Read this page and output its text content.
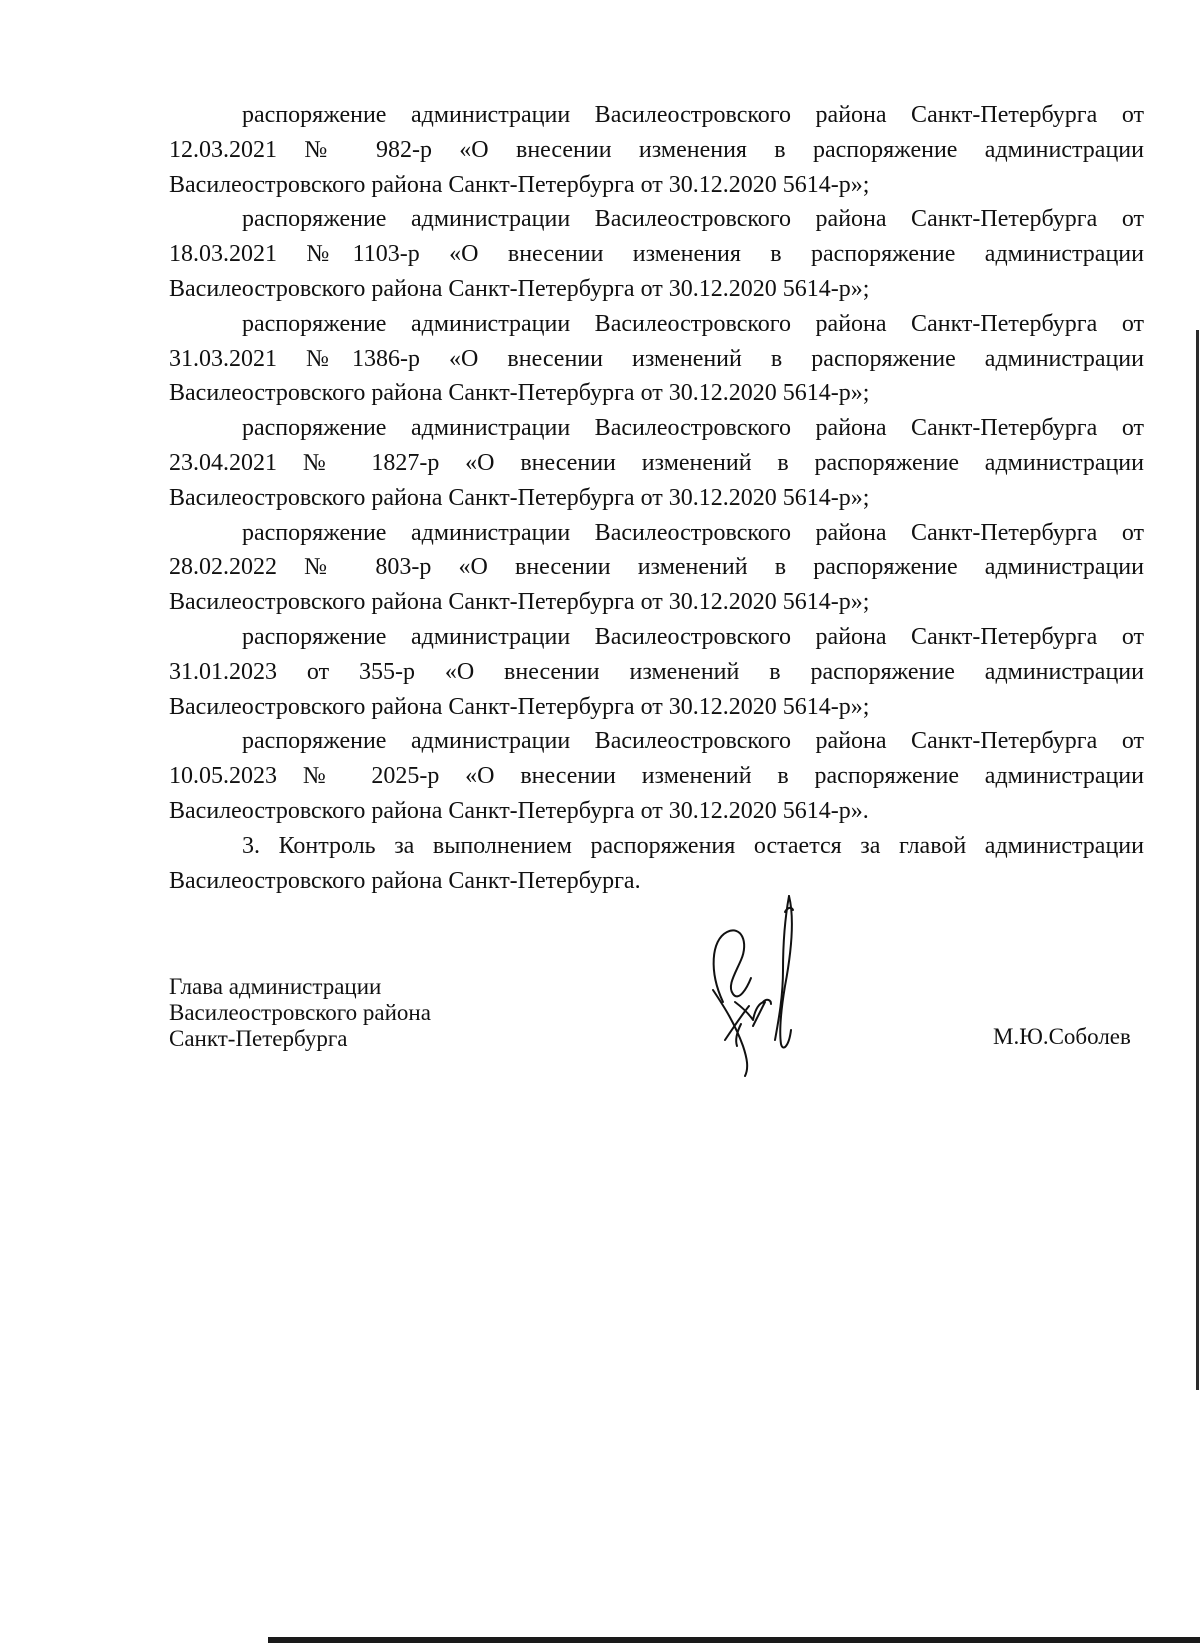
распоряжение администрации Василеостровского района Санкт-Петербурга от 12.03.2021 № 982-р «О внесении изменения в распоряжение администрации Василеостровского района Санкт-Петербурга от 30.12.2020 5614-р»;

распоряжение администрации Василеостровского района Санкт-Петербурга от 18.03.2021 №1103-р «О внесении изменения в распоряжение администрации Василеостровского района Санкт-Петербурга от 30.12.2020 5614-р»;

распоряжение администрации Василеостровского района Санкт-Петербурга от 31.03.2021 №1386-р «О внесении изменений в распоряжение администрации Василеостровского района Санкт-Петербурга от 30.12.2020 5614-р»;

распоряжение администрации Василеостровского района Санкт-Петербурга от 23.04.2021 № 1827-р «О внесении изменений в распоряжение администрации Василеостровского района Санкт-Петербурга от 30.12.2020 5614-р»;

распоряжение администрации Василеостровского района Санкт-Петербурга от 28.02.2022 № 803-р «О внесении изменений в распоряжение администрации Василеостровского района Санкт-Петербурга от 30.12.2020 5614-р»;

распоряжение администрации Василеостровского района Санкт-Петербурга от 31.01.2023 от 355-р «О внесении изменений в распоряжение администрации Василеостровского района Санкт-Петербурга от 30.12.2020 5614-р»;

распоряжение администрации Василеостровского района Санкт-Петербурга от 10.05.2023 № 2025-р «О внесении изменений в распоряжение администрации Василеостровского района Санкт-Петербурга от 30.12.2020 5614-р».

3. Контроль за выполнением распоряжения остается за главой администрации Василеостровского района Санкт-Петербурга.

Глава администрации
Василеостровского района
Санкт-Петербурга	М.Ю.Соболев
